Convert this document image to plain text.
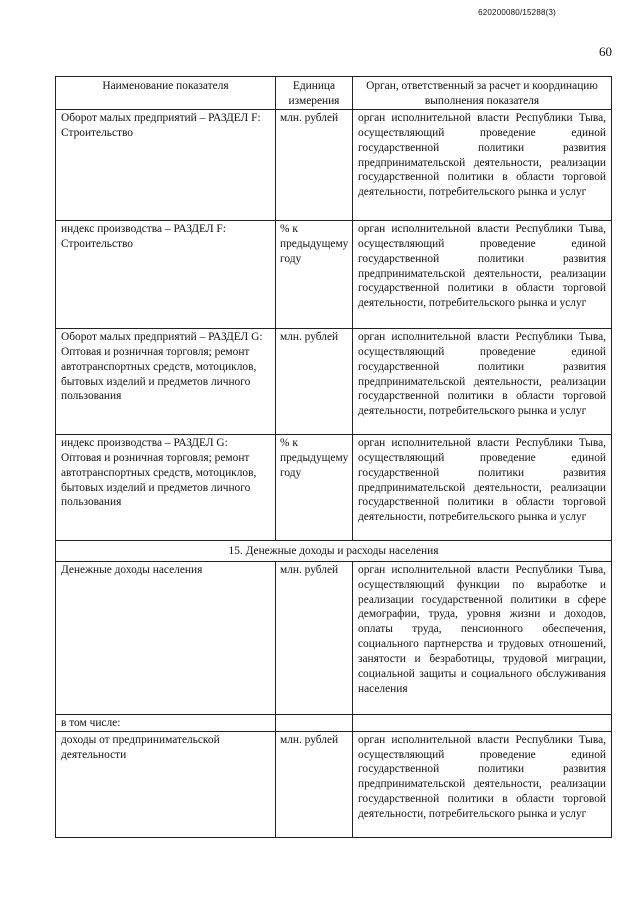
620200080/15288(3)
60
Наименование показателя	Единица измерения	Орган, ответственный за расчет и координацию выполнения показателя
Оборот малых предприятий – РАЗДЕЛ F: Строительство	млн. рублей	орган исполнительной власти Республики Тыва, осуществляющий проведение единой государственной политики развития предпринимательской деятельности, реализации государственной политики в области торговой деятельности, потребительского рынка и услуг
индекс производства – РАЗДЕЛ F: Строительство	% к предыдущему году	орган исполнительной власти Республики Тыва, осуществляющий проведение единой государственной политики развития предпринимательской деятельности, реализации государственной политики в области торговой деятельности, потребительского рынка и услуг
Оборот малых предприятий – РАЗДЕЛ G: Оптовая и розничная торговля; ремонт автотранспортных средств, мотоциклов, бытовых изделий и предметов личного пользования	млн. рублей	орган исполнительной власти Республики Тыва, осуществляющий проведение единой государственной политики развития предпринимательской деятельности, реализации государственной политики в области торговой деятельности, потребительского рынка и услуг
индекс производства – РАЗДЕЛ G: Оптовая и розничная торговля; ремонт автотранспортных средств, мотоциклов, бытовых изделий и предметов личного пользования	% к предыдущему году	орган исполнительной власти Республики Тыва, осуществляющий проведение единой государственной политики развития предпринимательской деятельности, реализации государственной политики в области торговой деятельности, потребительского рынка и услуг
15. Денежные доходы и расходы населения		
Денежные доходы населения	млн. рублей	орган исполнительной власти Республики Тыва, осуществляющий функции по выработке и реализации государственной политики в сфере демографии, труда, уровня жизни и доходов, оплаты труда, пенсионного обеспечения, социального партнерства и трудовых отношений, занятости и безработицы, трудовой миграции, социальной защиты и социального обслуживания населения
в том числе:		
доходы от предпринимательской деятельности	млн. рублей	орган исполнительной власти Республики Тыва, осуществляющий проведение единой государственной политики развития предпринимательской деятельности, реализации государственной политики в области торговой деятельности, потребительского рынка и услуг
